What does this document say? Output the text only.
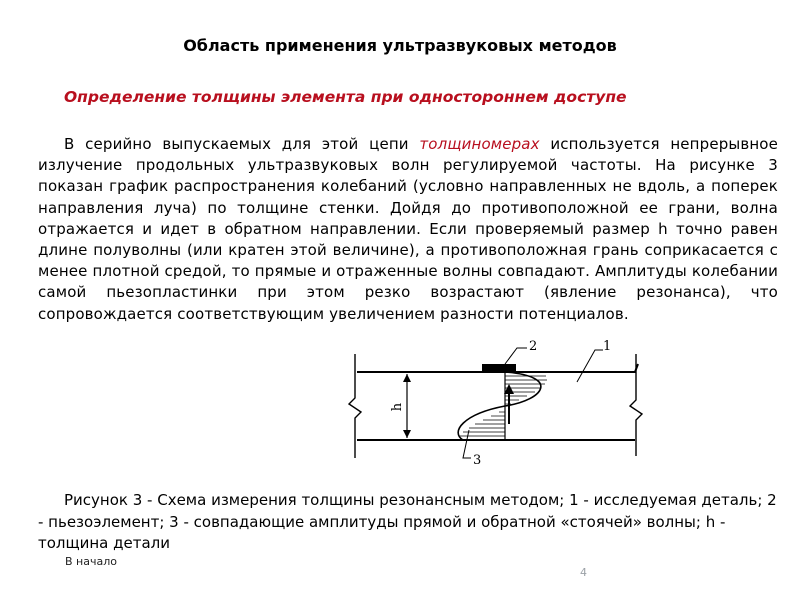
Область применения ультразвуковых методов
Определение толщины элемента при одностороннем доступе
В серийно выпускаемых для этой цепи толщиномерах используется непрерывное излучение продольных ультразвуковых волн регулируемой частоты. На рисунке 3 показан график распространения колебаний (условно направленных не вдоль, а поперек направления луча) по толщине стенки. Дойдя до противоположной ее грани, волна отражается и идет в обратном направлении. Если проверяемый размер h точно равен длине полуволны (или кратен этой величине), а противоположная грань соприкасается с менее плотной средой, то прямые и отраженные волны совпадают. Амплитуды колебании самой пьезопластинки при этом резко возрастают (явление резонанса), что сопровождается соответствующим увеличением разности потенциалов.
h
2	1
3
Рисунок 3 - Схема измерения толщины резонансным методом; 1 - исследуемая деталь; 2 - пьезоэлемент; 3 - совпадающие амплитуды прямой и обратной «стоячей» волны; h - толщина детали
В начало
4
